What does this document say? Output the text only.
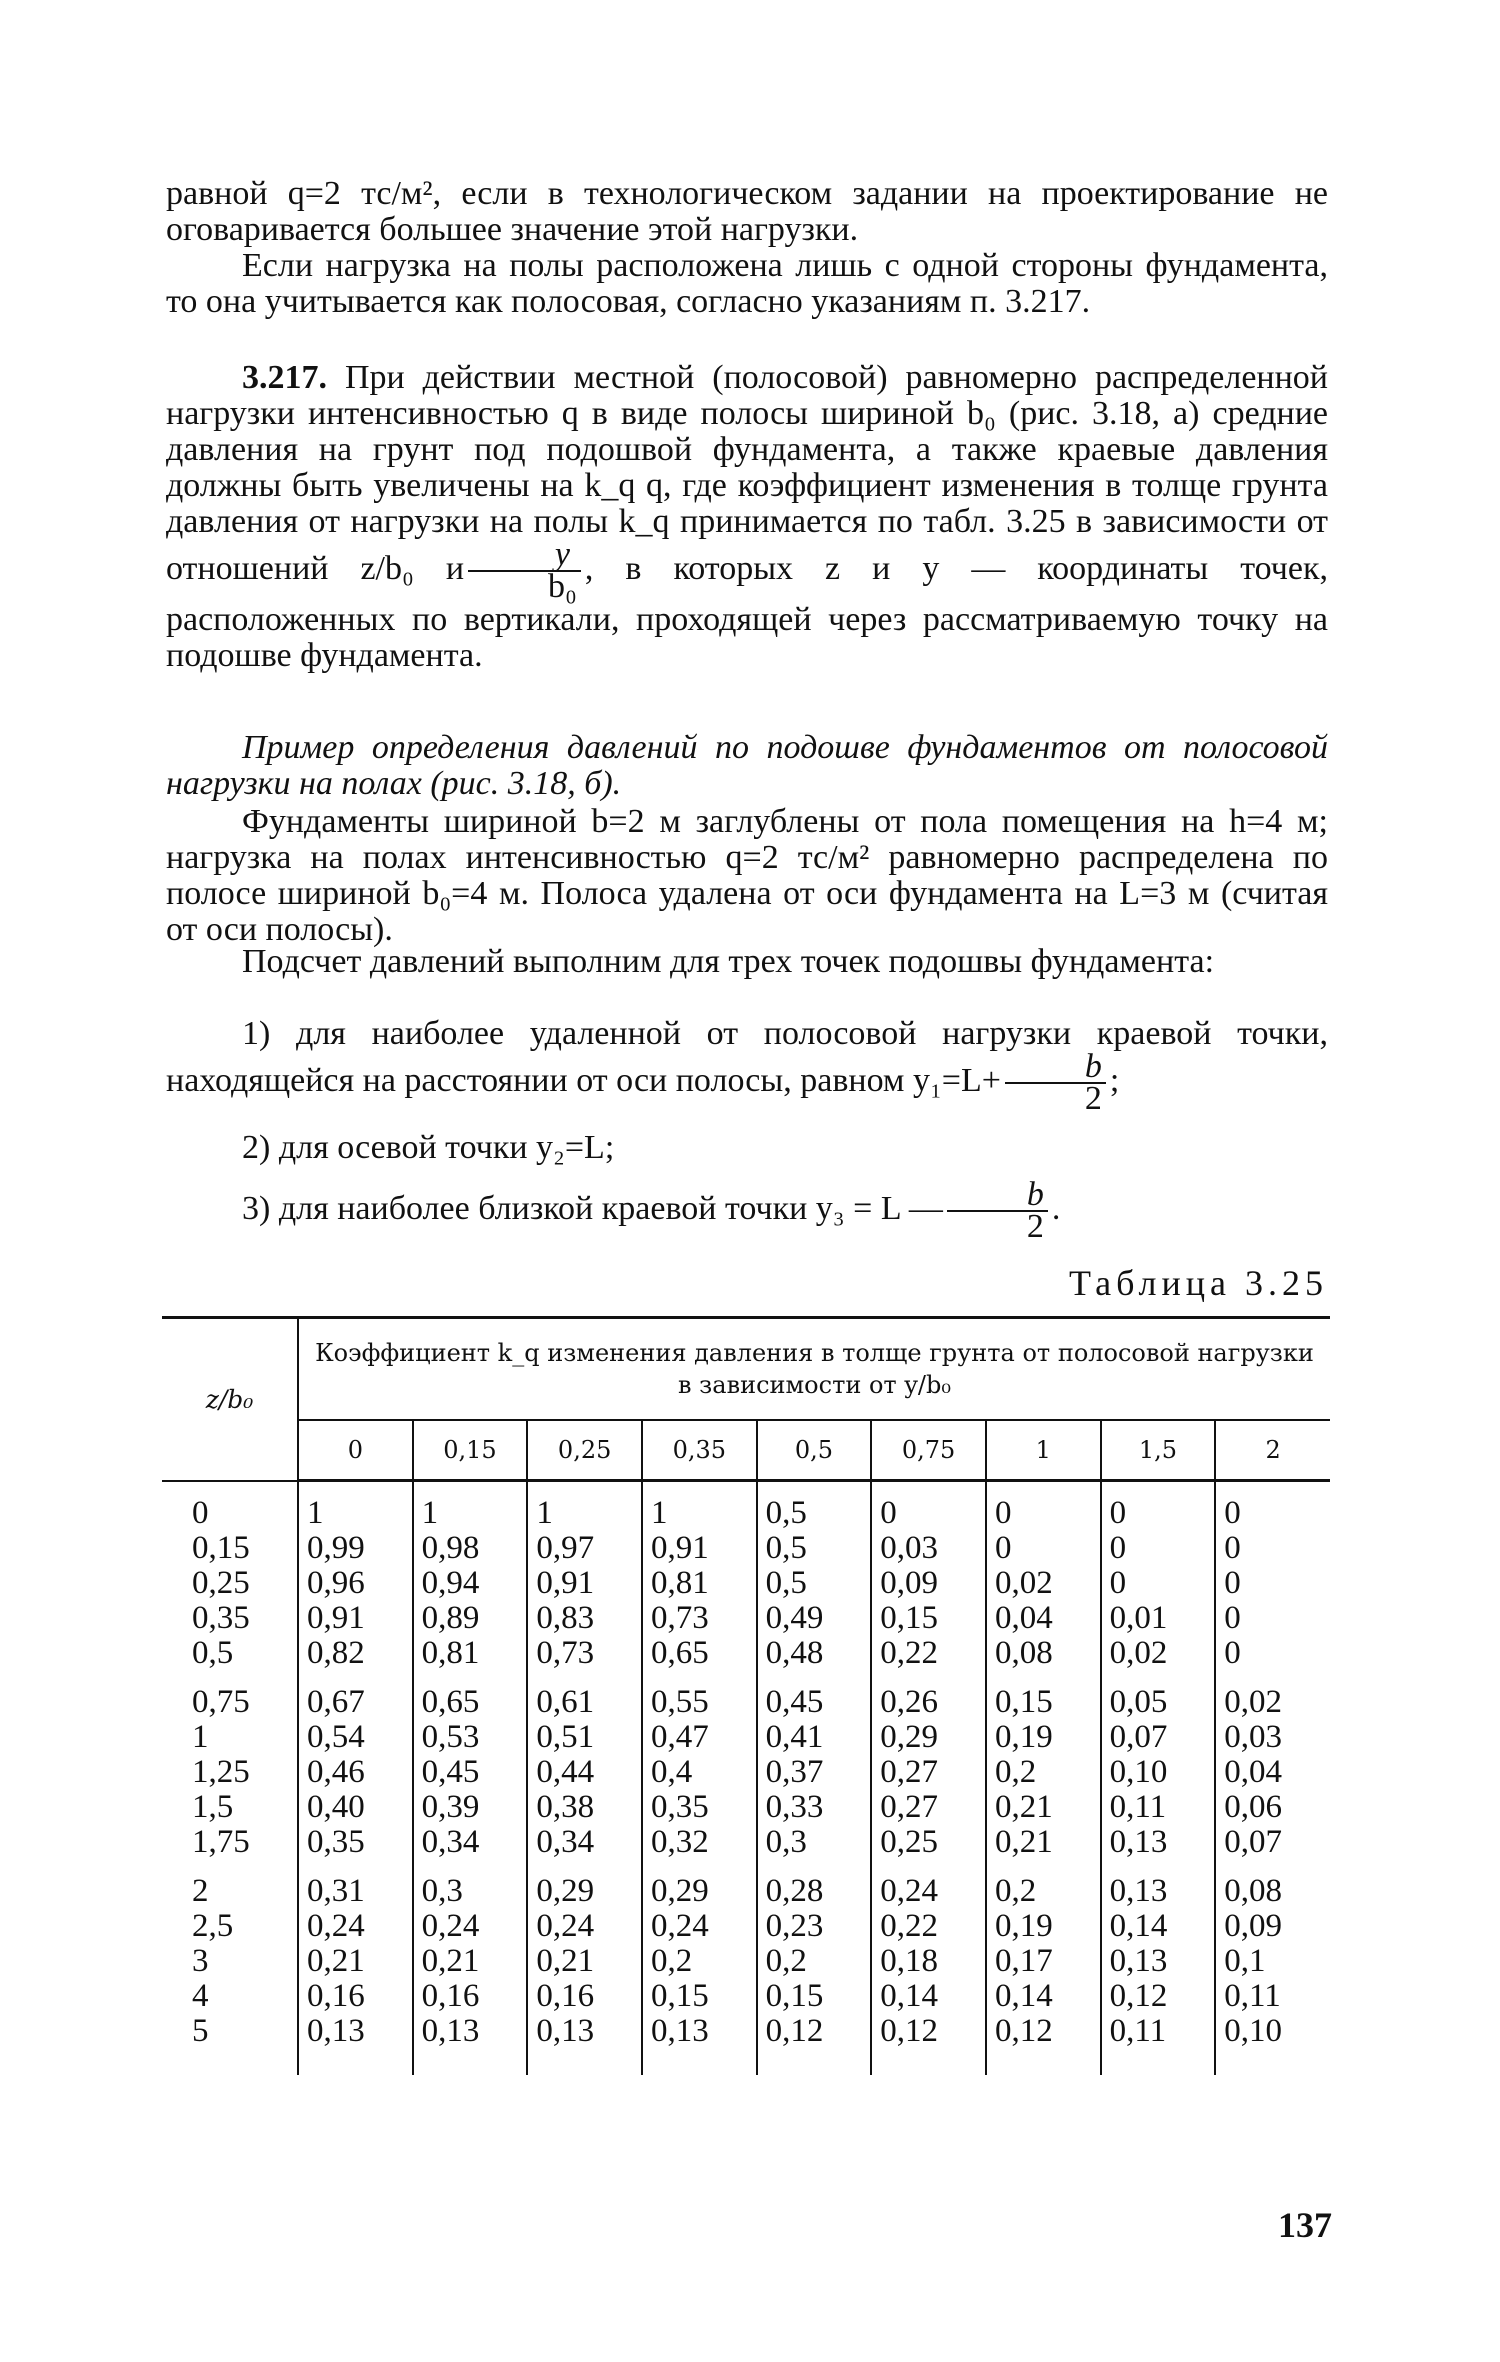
равной q=2 тс/м², если в технологическом задании на проектирование не оговаривается большее значение этой нагрузки.

Если нагрузка на полы расположена лишь с одной стороны фундамента, то она учитывается как полосовая, согласно указаниям п. 3.217.

3.217. При действии местной (полосовой) равномерно распределенной нагрузки интенсивностью q в виде полосы шириной b₀ (рис. 3.18, а) средние давления на грунт под подошвой фундамента, а также краевые давления должны быть увеличены на k_q q, где коэффициент изменения в толще грунта давления от нагрузки на полы k_q принимается по табл. 3.25 в зависимости от отношений z/b₀ и $\frac{y}{\text{b₀}}$ , в которых z и y — координаты точек, расположенных по вертикали, проходящей через рассматриваемую точку на подошве фундамента.

Пример определения давлений по подошве фундаментов от полосовой нагрузки на полах (рис. 3.18, б).

Фундаменты шириной b=2 м заглублены от пола помещения на h=4 м; нагрузка на полах интенсивностью q=2 тс/м² равномерно распределена по полосе шириной b₀=4 м. Полоса удалена от оси фундамента на L=3 м (считая от оси полосы).

Подсчет давлений выполним для трех точек подошвы фундамента:

1) для наиболее удаленной от полосовой нагрузки краевой точки, находящейся на расстоянии от оси полосы, равном $y_1=L+ \frac{b}{2}$ ;

2) для осевой точки y₂=L;

3) для наиболее близкой краевой точки y₃ = L — $\frac{b}{2}$ .

Таблица 3.25
z/b₀	Коэффициент k_q изменения давления в толще грунта от полосовой нагрузки в зависимости от y/b₀								
	0	0,15	0,25	0,35	0,5	0,75	1	1,5	2
0	1	1	1	1	0,5	0	0	0	0
0,15	0,99	0,98	0,97	0,91	0,5	0,03	0	0	0
0,25	0,96	0,94	0,91	0,81	0,5	0,09	0,02	0	0
0,35	0,91	0,89	0,83	0,73	0,49	0,15	0,04	0,01	0
0,5	0,82	0,81	0,73	0,65	0,48	0,22	0,08	0,02	0
0,75	0,67	0,65	0,61	0,55	0,45	0,26	0,15	0,05	0,02
1	0,54	0,53	0,51	0,47	0,41	0,29	0,19	0,07	0,03
1,25	0,46	0,45	0,44	0,4	0,37	0,27	0,2	0,10	0,04
1,5	0,40	0,39	0,38	0,35	0,33	0,27	0,21	0,11	0,06
1,75	0,35	0,34	0,34	0,32	0,3	0,25	0,21	0,13	0,07
2	0,31	0,3	0,29	0,29	0,28	0,24	0,2	0,13	0,08
2,5	0,24	0,24	0,24	0,24	0,23	0,22	0,19	0,14	0,09
3	0,21	0,21	0,21	0,2	0,2	0,18	0,17	0,13	0,1
4	0,16	0,16	0,16	0,15	0,15	0,14	0,14	0,12	0,11
5	0,13	0,13	0,13	0,13	0,12	0,12	0,12	0,11	0,10
137
